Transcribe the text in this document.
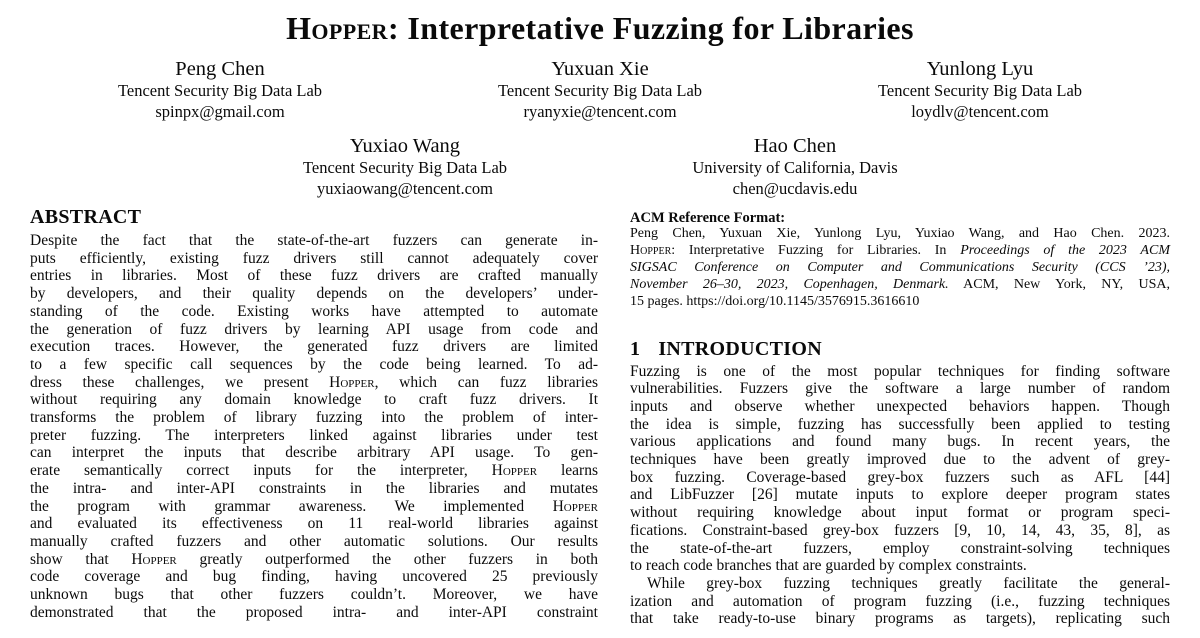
Hopper: Interpretative Fuzzing for Libraries
Peng Chen
Tencent Security Big Data Lab
spinpx@gmail.com
Yuxuan Xie
Tencent Security Big Data Lab
ryanyxie@tencent.com
Yunlong Lyu
Tencent Security Big Data Lab
loydlv@tencent.com
Yuxiao Wang
Tencent Security Big Data Lab
yuxiaowang@tencent.com
Hao Chen
University of California, Davis
chen@ucdavis.edu
ABSTRACT
Despite the fact that the state-of-the-art fuzzers can generate in-
puts efficiently, existing fuzz drivers still cannot adequately cover
entries in libraries. Most of these fuzz drivers are crafted manually
by developers, and their quality depends on the developers’ under-
standing of the code. Existing works have attempted to automate
the generation of fuzz drivers by learning API usage from code and
execution traces. However, the generated fuzz drivers are limited
to a few specific call sequences by the code being learned. To ad-
dress these challenges, we present Hopper, which can fuzz libraries
without requiring any domain knowledge to craft fuzz drivers. It
transforms the problem of library fuzzing into the problem of inter-
preter fuzzing. The interpreters linked against libraries under test
can interpret the inputs that describe arbitrary API usage. To gen-
erate semantically correct inputs for the interpreter, Hopper learns
the intra- and inter-API constraints in the libraries and mutates
the program with grammar awareness. We implemented Hopper
and evaluated its effectiveness on 11 real-world libraries against
manually crafted fuzzers and other automatic solutions. Our results
show that Hopper greatly outperformed the other fuzzers in both
code coverage and bug finding, having uncovered 25 previously
unknown bugs that other fuzzers couldn’t. Moreover, we have
demonstrated that the proposed intra- and inter-API constraint
ACM Reference Format:
Peng Chen, Yuxuan Xie, Yunlong Lyu, Yuxiao Wang, and Hao Chen. 2023.
Hopper: Interpretative Fuzzing for Libraries. In Proceedings of the 2023 ACM
SIGSAC Conference on Computer and Communications Security (CCS ’23),
November 26–30, 2023, Copenhagen, Denmark. ACM, New York, NY, USA,
15 pages. https://doi.org/10.1145/3576915.3616610
1 INTRODUCTION
Fuzzing is one of the most popular techniques for finding software
vulnerabilities. Fuzzers give the software a large number of random
inputs and observe whether unexpected behaviors happen. Though
the idea is simple, fuzzing has successfully been applied to testing
various applications and found many bugs. In recent years, the
techniques have been greatly improved due to the advent of grey-
box fuzzing. Coverage-based grey-box fuzzers such as AFL [44]
and LibFuzzer [26] mutate inputs to explore deeper program states
without requiring knowledge about input format or program speci-
fications. Constraint-based grey-box fuzzers [9, 10, 14, 43, 35, 8], as
the state-of-the-art fuzzers, employ constraint-solving techniques
to reach code branches that are guarded by complex constraints.
While grey-box fuzzing techniques greatly facilitate the general-
ization and automation of program fuzzing (i.e., fuzzing techniques
that take ready-to-use binary programs as targets), replicating such
